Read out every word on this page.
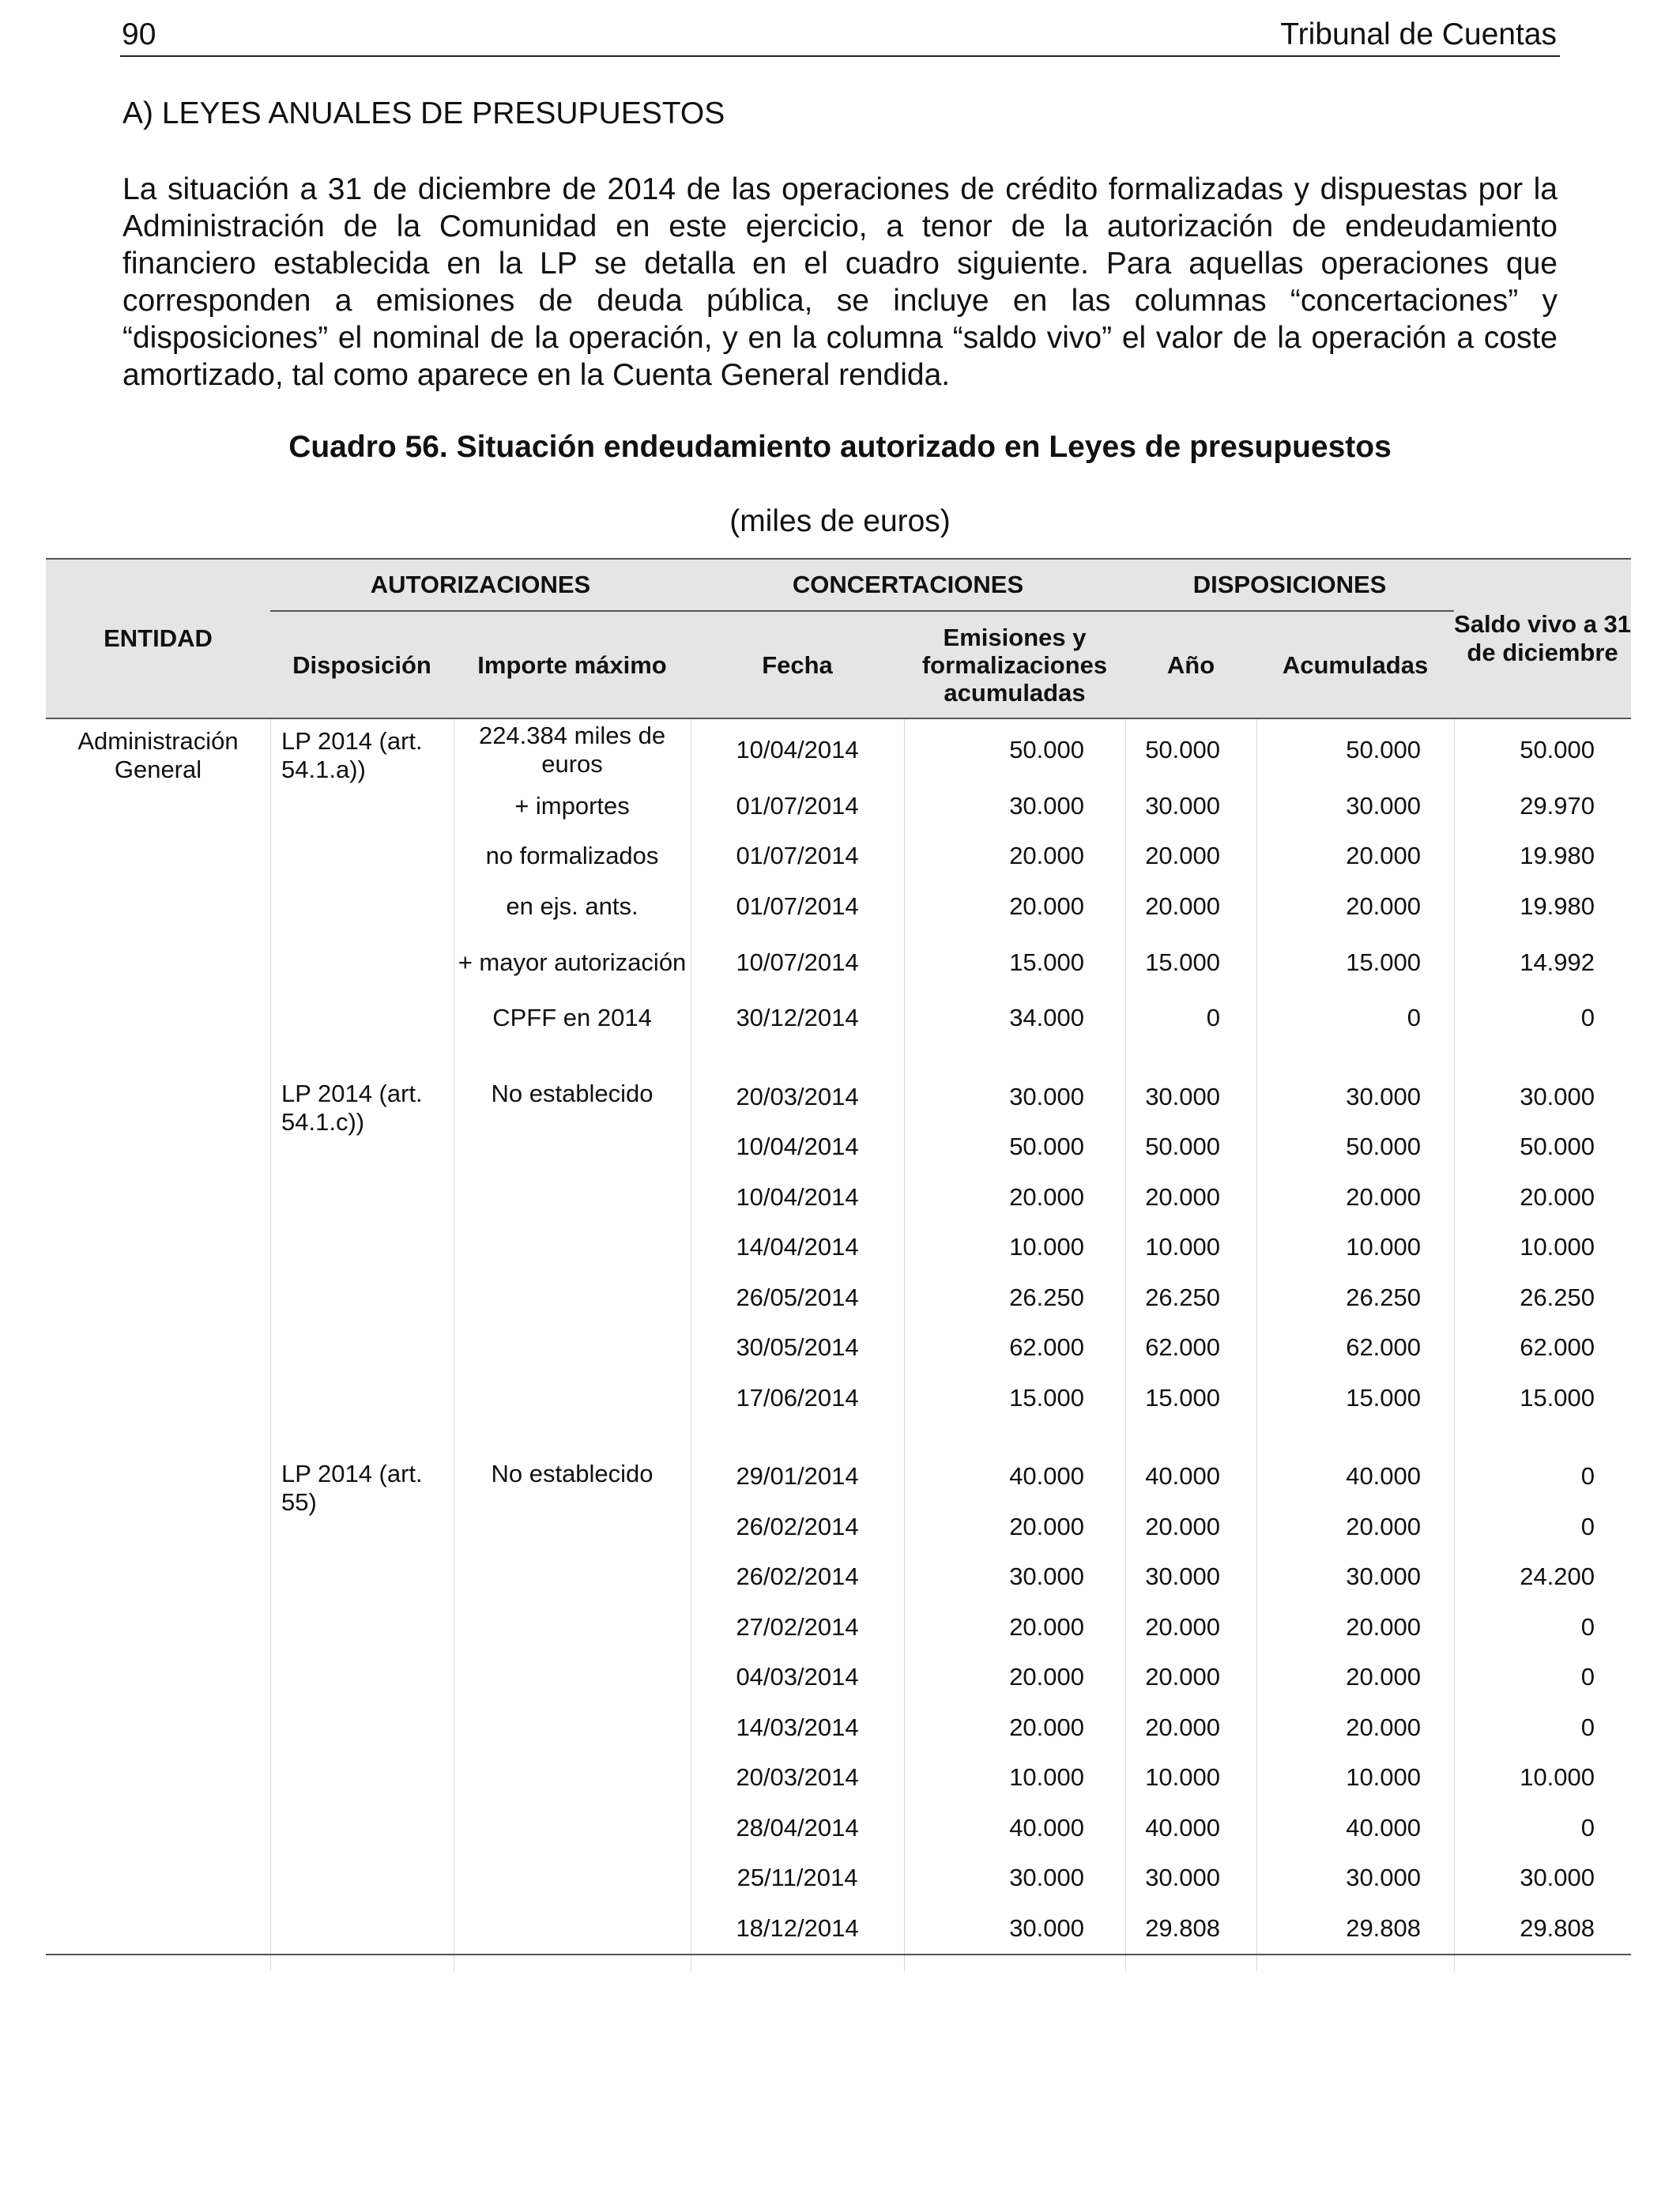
90	Tribunal de Cuentas
A) LEYES ANUALES DE PRESUPUESTOS

La situación a 31 de diciembre de 2014 de las operaciones de crédito formalizadas y dispuestas por la Administración de la Comunidad en este ejercicio, a tenor de la autorización de endeudamiento financiero establecida en la LP se detalla en el cuadro siguiente. Para aquellas operaciones que corresponden a emisiones de deuda pública, se incluye en las columnas “concertaciones” y “disposiciones” el nominal de la operación, y en la columna “saldo vivo” el valor de la operación a coste amortizado, tal como aparece en la Cuenta General rendida.

Cuadro 56. Situación endeudamiento autorizado en Leyes de presupuestos
(miles de euros)
ENTIDAD	AUTORIZACIONES		CONCERTACIONES		DISPOSICIONES		Saldo vivo a 31 de diciembre
	Disposición	Importe máximo	Fecha	Emisiones y formalizaciones acumuladas	Año	Acumuladas	
Administración General	LP 2014 (art. 54.1.a))	224.384 miles de euros	10/04/2014	50.000	50.000	50.000	50.000
		+ importes	01/07/2014	30.000	30.000	30.000	29.970
		no formalizados	01/07/2014	20.000	20.000	20.000	19.980
		en ejs. ants.	01/07/2014	20.000	20.000	20.000	19.980
		+ mayor autorización	10/07/2014	15.000	15.000	15.000	14.992
		CPFF en 2014	30/12/2014	34.000	0	0	0

	LP 2014 (art. 54.1.c))	No establecido	20/03/2014	30.000	30.000	30.000	30.000
			10/04/2014	50.000	50.000	50.000	50.000
			10/04/2014	20.000	20.000	20.000	20.000
			14/04/2014	10.000	10.000	10.000	10.000
			26/05/2014	26.250	26.250	26.250	26.250
			30/05/2014	62.000	62.000	62.000	62.000
			17/06/2014	15.000	15.000	15.000	15.000

	LP 2014 (art. 55)	No establecido	29/01/2014	40.000	40.000	40.000	0
			26/02/2014	20.000	20.000	20.000	0
			26/02/2014	30.000	30.000	30.000	24.200
			27/02/2014	20.000	20.000	20.000	0
			04/03/2014	20.000	20.000	20.000	0
			14/03/2014	20.000	20.000	20.000	0
			20/03/2014	10.000	10.000	10.000	10.000
			28/04/2014	40.000	40.000	40.000	0
			25/11/2014	30.000	30.000	30.000	30.000
			18/12/2014	30.000	29.808	29.808	29.808
